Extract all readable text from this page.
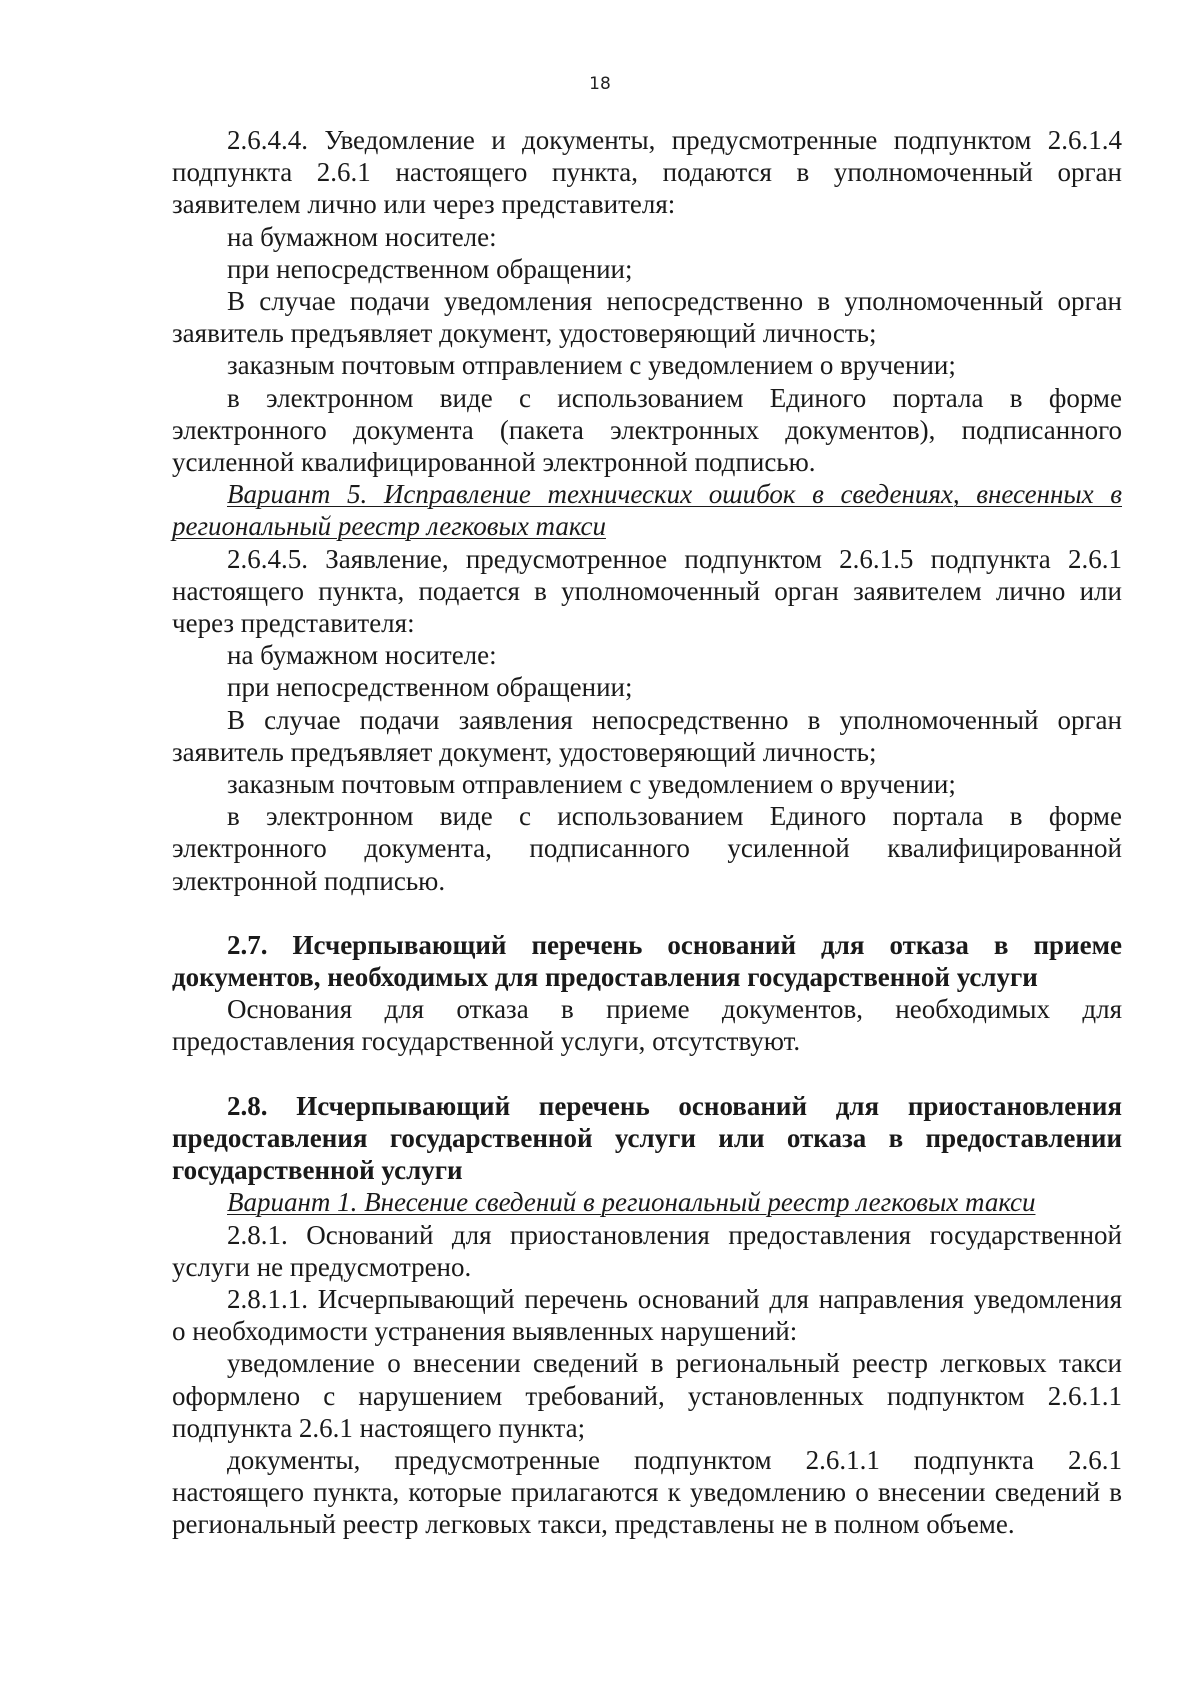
18

2.6.4.4. Уведомление и документы, предусмотренные подпунктом 2.6.1.4 подпункта 2.6.1 настоящего пункта, подаются в уполномоченный орган заявителем лично или через представителя:

на бумажном носителе:

при непосредственном обращении;

В случае подачи уведомления непосредственно в уполномоченный орган заявитель предъявляет документ, удостоверяющий личность;

заказным почтовым отправлением с уведомлением о вручении;

в электронном виде с использованием Единого портала в форме электронного документа (пакета электронных документов), подписанного усиленной квалифицированной электронной подписью.

Вариант 5. Исправление технических ошибок в сведениях, внесенных в региональный реестр легковых такси

2.6.4.5. Заявление, предусмотренное подпунктом 2.6.1.5 подпункта 2.6.1 настоящего пункта, подается в уполномоченный орган заявителем лично или через представителя:

на бумажном носителе:

при непосредственном обращении;

В случае подачи заявления непосредственно в уполномоченный орган заявитель предъявляет документ, удостоверяющий личность;

заказным почтовым отправлением с уведомлением о вручении;

в электронном виде с использованием Единого портала в форме электронного документа, подписанного усиленной квалифицированной электронной подписью.

2.7. Исчерпывающий перечень оснований для отказа в приеме документов, необходимых для предоставления государственной услуги

Основания для отказа в приеме документов, необходимых для предоставления государственной услуги, отсутствуют.

2.8. Исчерпывающий перечень оснований для приостановления предоставления государственной услуги или отказа в предоставлении государственной услуги

Вариант 1. Внесение сведений в региональный реестр легковых такси

2.8.1. Оснований для приостановления предоставления государственной услуги не предусмотрено.

2.8.1.1. Исчерпывающий перечень оснований для направления уведомления о необходимости устранения выявленных нарушений:

уведомление о внесении сведений в региональный реестр легковых такси оформлено с нарушением требований, установленных подпунктом 2.6.1.1 подпункта 2.6.1 настоящего пункта;

документы, предусмотренные подпунктом 2.6.1.1 подпункта 2.6.1 настоящего пункта, которые прилагаются к уведомлению о внесении сведений в региональный реестр легковых такси, представлены не в полном объеме.
